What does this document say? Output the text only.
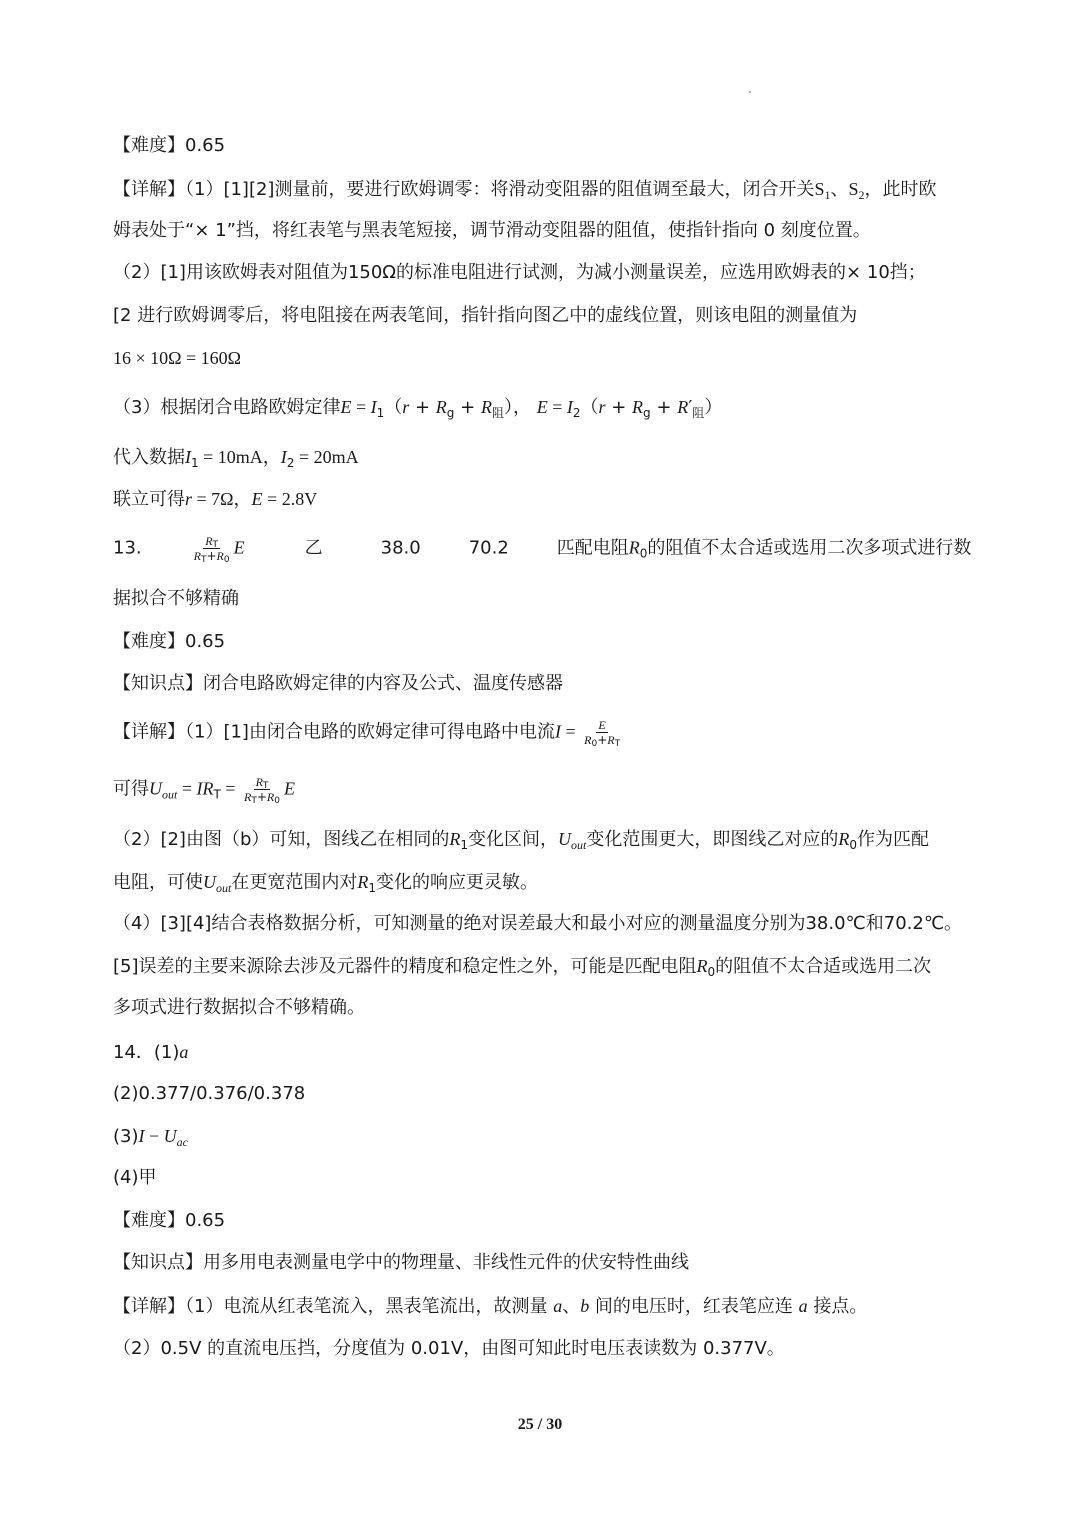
【难度】0.65
【详解】（1）[1][2]测量前，要进行欧姆调零：将滑动变阻器的阻值调至最大，闭合开关$S_1$、$S_2$，此时欧
姆表处于“× 1”挡，将红表笔与黑表笔短接，调节滑动变阻器的阻值，使指针指向 0 刻度位置。
（2）[1]用该欧姆表对阻值为150Ω的标准电阻进行试测，为减小测量误差，应选用欧姆表的× 10挡；
[2 进行欧姆调零后，将电阻接在两表笔间，指针指向图乙中的虚线位置，则该电阻的测量值为
16 × 10Ω = 160Ω
（3）根据闭合电路欧姆定律$E = I_1(r + R_g + R_阻)$， $E = I_2(r + R_g + R'_阻)$
代入数据$I_1 = 10mA$，$I_2 = 20mA$
联立可得r = 7Ω，E = 2.8V
13.	$\frac{R_T}{R_T+R_0}$ E	乙	38.0	70.2	匹配电阻$R_0$的阻值不太合适或选用二次多项式进行数
据拟合不够精确
【难度】0.65
【知识点】闭合电路欧姆定律的内容及公式、温度传感器
【详解】（1）[1]由闭合电路的欧姆定律可得电路中电流$I = \frac{E}{R_0+R_T}$
可得$U_{out} = IR_T = \frac{R_T}{R_T+R_0}$ E
（2）[2]由图（b）可知，图线乙在相同的$R_1$变化区间，$U_{out}$变化范围更大，即图线乙对应的$R_0$作为匹配
电阻，可使$U_{out}$在更宽范围内对$R_1$变化的响应更灵敏。
（4）[3][4]结合表格数据分析，可知测量的绝对误差最大和最小对应的测量温度分别为38.0℃和70.2℃。
[5]误差的主要来源除去涉及元器件的精度和稳定性之外，可能是匹配电阻$R_0$的阻值不太合适或选用二次
多项式进行数据拟合不够精确。
14．(1)a
(2)0.377/0.376/0.378
$(3)I - U_{ac}$
(4)甲
【难度】0.65
【知识点】用多用电表测量电学中的物理量、非线性元件的伏安特性曲线
【详解】（1）电流从红表笔流入，黑表笔流出，故测量 a、b 间的电压时，红表笔应连 a 接点。
（2）0.5V 的直流电压挡，分度值为 0.01V，由图可知此时电压表读数为 0.377V。
25 / 30
